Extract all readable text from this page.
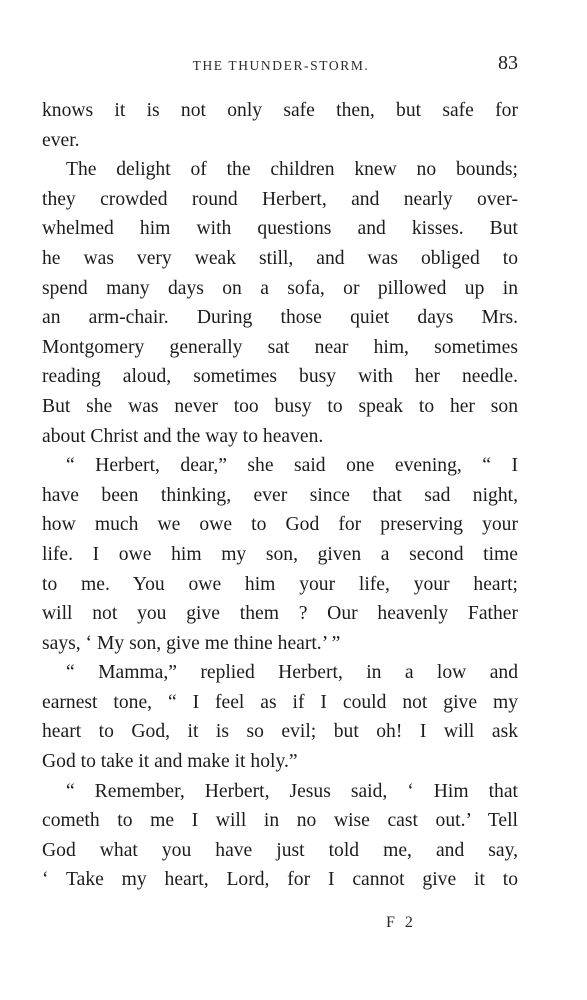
THE THUNDER-STORM.	83
knows it is not only safe then, but safe for
ever.
The delight of the children knew no bounds;
they crowded round Herbert, and nearly over-
whelmed him with questions and kisses. But
he was very weak still, and was obliged to
spend many days on a sofa, or pillowed up in
an arm-chair. During those quiet days Mrs.
Montgomery generally sat near him, sometimes
reading aloud, sometimes busy with her needle.
But she was never too busy to speak to her son
about Christ and the way to heaven.
“ Herbert, dear,” she said one evening, “ I
have been thinking, ever since that sad night,
how much we owe to God for preserving your
life. I owe him my son, given a second time
to me. You owe him your life, your heart;
will not you give them ? Our heavenly Father
says, ‘ My son, give me thine heart.’ ”
“ Mamma,” replied Herbert, in a low and
earnest tone, “ I feel as if I could not give my
heart to God, it is so evil; but oh! I will ask
God to take it and make it holy.”
“ Remember, Herbert, Jesus said, ‘ Him that
cometh to me I will in no wise cast out.’ Tell
God what you have just told me, and say,
‘ Take my heart, Lord, for I cannot give it to
F 2
